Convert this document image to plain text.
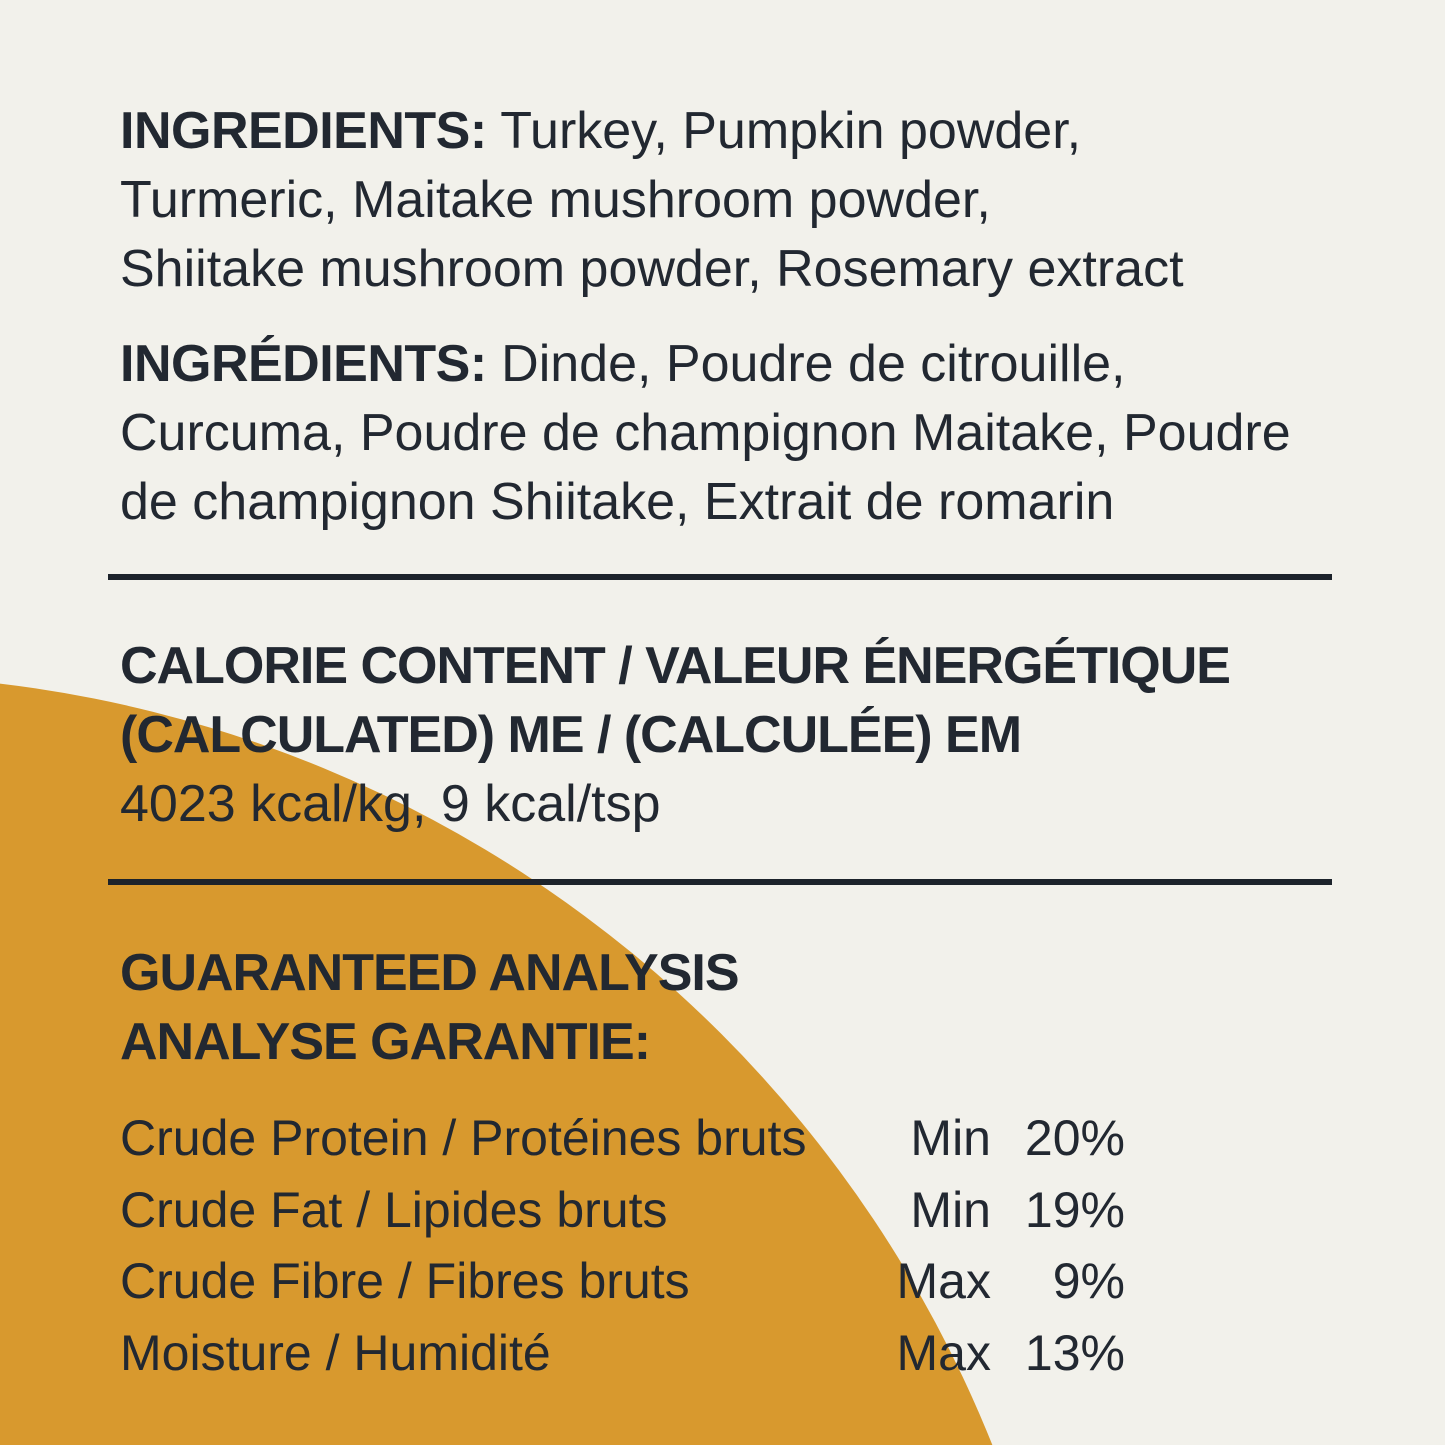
INGREDIENTS: Turkey, Pumpkin powder,
Turmeric, Maitake mushroom powder,
Shiitake mushroom powder, Rosemary extract
INGRÉDIENTS: Dinde, Poudre de citrouille,
Curcuma, Poudre de champignon Maitake, Poudre
de champignon Shiitake, Extrait de romarin
CALORIE CONTENT / VALEUR ÉNERGÉTIQUE
(CALCULATED) ME / (CALCULÉE) EM
4023 kcal/kg, 9 kcal/tsp
GUARANTEED ANALYSIS
ANALYSE GARANTIE:
Crude Protein / Protéines bruts	Min 20%
Crude Fat / Lipides bruts	Min 19%
Crude Fibre / Fibres bruts	Max	9%
Moisture / Humidité	Max 13%
